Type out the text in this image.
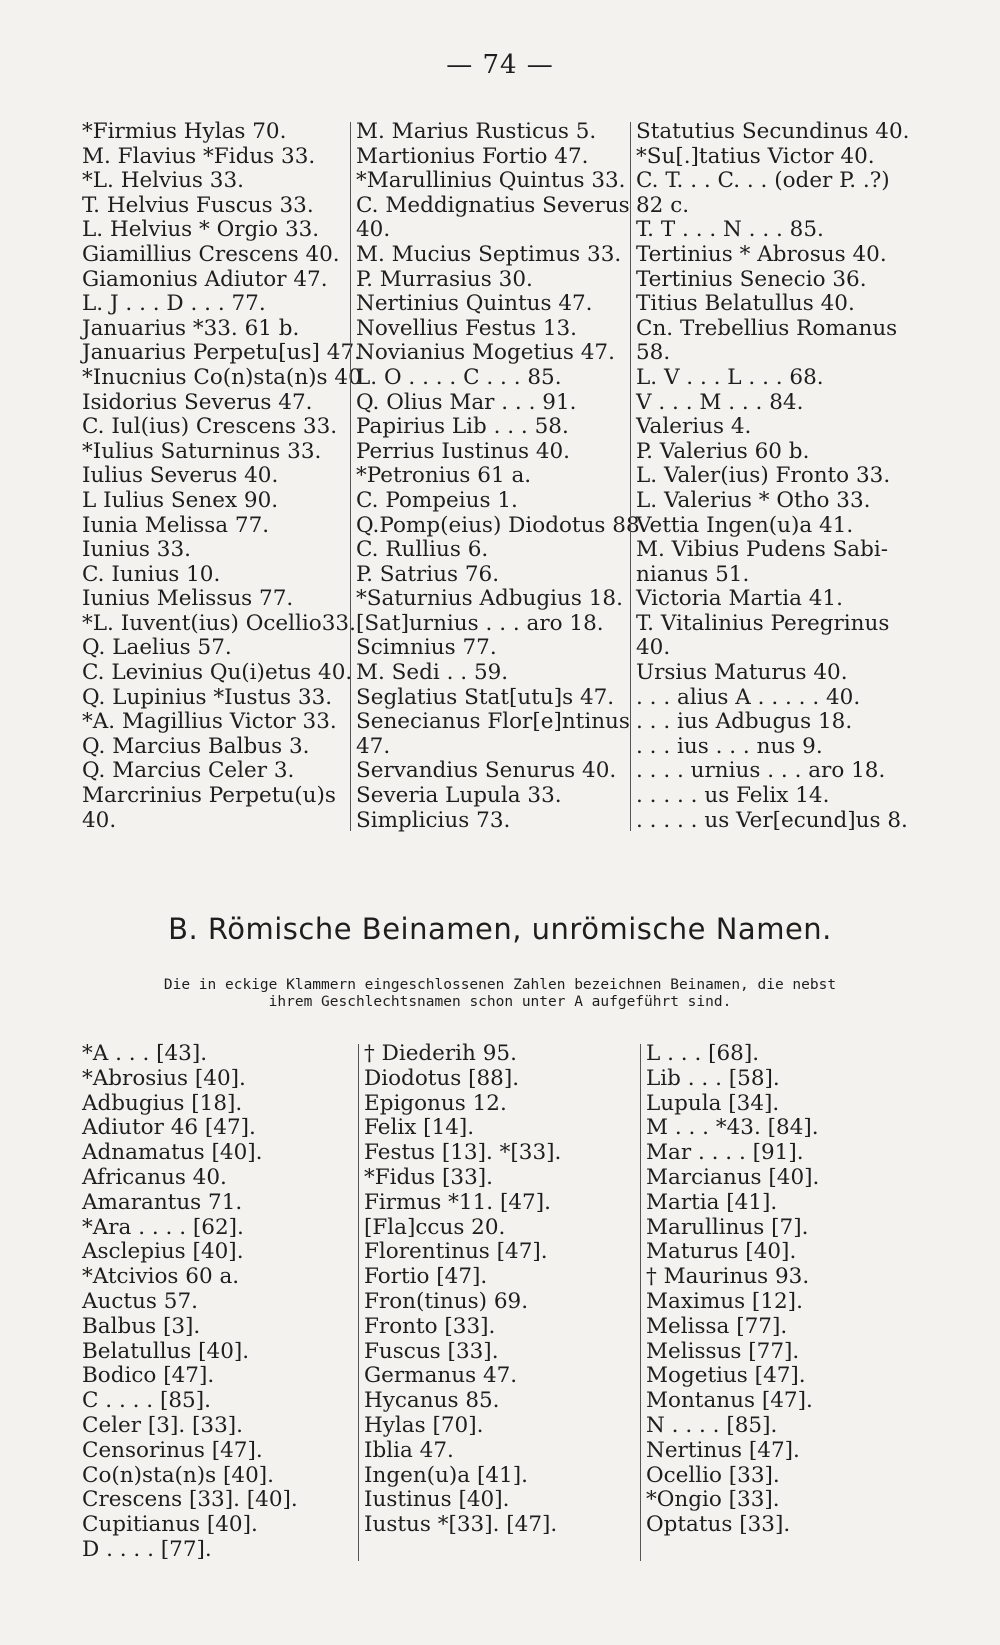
— 74 —
*Firmius Hylas 70.
M. Flavius *Fidus 33.
*L. Helvius 33.
T. Helvius Fuscus 33.
L. Helvius * Orgio 33.
Giamillius Crescens 40.
Giamonius Adiutor 47.
L. J . . . D . . . 77.
Januarius *33. 61 b.
Januarius Perpetu[us] 47.
*Inucnius Co(n)sta(n)s 40
Isidorius Severus 47.
C. Iul(ius) Crescens 33.
*Iulius Saturninus 33.
Iulius Severus 40.
L Iulius Senex 90.
Iunia Melissa 77.
Iunius 33.
C. Iunius 10.
Iunius Melissus 77.
*L. Iuvent(ius) Ocellio33.
Q. Laelius 57.
C. Levinius Qu(i)etus 40.
Q. Lupinius *Iustus 33.
*A. Magillius Victor 33.
Q. Marcius Balbus 3.
Q. Marcius Celer 3.
Marcrinius Perpetu(u)s
40.
M. Marius Rusticus 5.
Martionius Fortio 47.
*Marullinius Quintus 33.
C. Meddignatius Severus
40.
M. Mucius Septimus 33.
P. Murrasius 30.
Nertinius Quintus 47.
Novellius Festus 13.
Novianius Mogetius 47.
L. O . . . . C . . . 85.
Q. Olius Mar . . . 91.
Papirius Lib . . . 58.
Perrius Iustinus 40.
*Petronius 61 a.
C. Pompeius 1.
Q.Pomp(eius) Diodotus 88
C. Rullius 6.
P. Satrius 76.
*Saturnius Adbugius 18.
[Sat]urnius . . . aro 18.
Scimnius 77.
M. Sedi . . 59.
Seglatius Stat[utu]s 47.
Senecianus Flor[e]ntinus
47.
Servandius Senurus 40.
Severia Lupula 33.
Simplicius 73.
Statutius Secundinus 40.
*Su[.]tatius Victor 40.
C. T. . . C. . . (oder P. .?)
82 c.
T. T . . . N . . . 85.
Tertinius * Abrosus 40.
Tertinius Senecio 36.
Titius Belatullus 40.
Cn. Trebellius Romanus
58.
L. V . . . L . . . 68.
V . . . M . . . 84.
Valerius 4.
P. Valerius 60 b.
L. Valer(ius) Fronto 33.
L. Valerius * Otho 33.
Vettia Ingen(u)a 41.
M. Vibius Pudens Sabi-
nianus 51.
Victoria Martia 41.
T. Vitalinius Peregrinus
40.
Ursius Maturus 40.
. . . alius A . . . . . 40.
. . . ius Adbugus 18.
. . . ius . . . nus 9.
. . . . urnius . . . aro 18.
. . . . . us Felix 14.
. . . . . us Ver[ecund]us 8.
B. Römische Beinamen, unrömische Namen.
Die in eckige Klammern eingeschlossenen Zahlen bezeichnen Beinamen, die nebst
ihrem Geschlechtsnamen schon unter A aufgeführt sind.
*A . . . [43].
*Abrosius [40].
Adbugius [18].
Adiutor 46 [47].
Adnamatus [40].
Africanus 40.
Amarantus 71.
*Ara . . . . [62].
Asclepius [40].
*Atcivios 60 a.
Auctus 57.
Balbus [3].
Belatullus [40].
Bodico [47].
C . . . . [85].
Celer [3]. [33].
Censorinus [47].
Co(n)sta(n)s [40].
Crescens [33]. [40].
Cupitianus [40].
D . . . . [77].
† Diederih 95.
Diodotus [88].
Epigonus 12.
Felix [14].
Festus [13]. *[33].
*Fidus [33].
Firmus *11. [47].
[Fla]ccus 20.
Florentinus [47].
Fortio [47].
Fron(tinus) 69.
Fronto [33].
Fuscus [33].
Germanus 47.
Hycanus 85.
Hylas [70].
Iblia 47.
Ingen(u)a [41].
Iustinus [40].
Iustus *[33]. [47].
L . . . [68].
Lib . . . [58].
Lupula [34].
M . . . *43. [84].
Mar . . . . [91].
Marcianus [40].
Martia [41].
Marullinus [7].
Maturus [40].
† Maurinus 93.
Maximus [12].
Melissa [77].
Melissus [77].
Mogetius [47].
Montanus [47].
N . . . . [85].
Nertinus [47].
Ocellio [33].
*Ongio [33].
Optatus [33].
